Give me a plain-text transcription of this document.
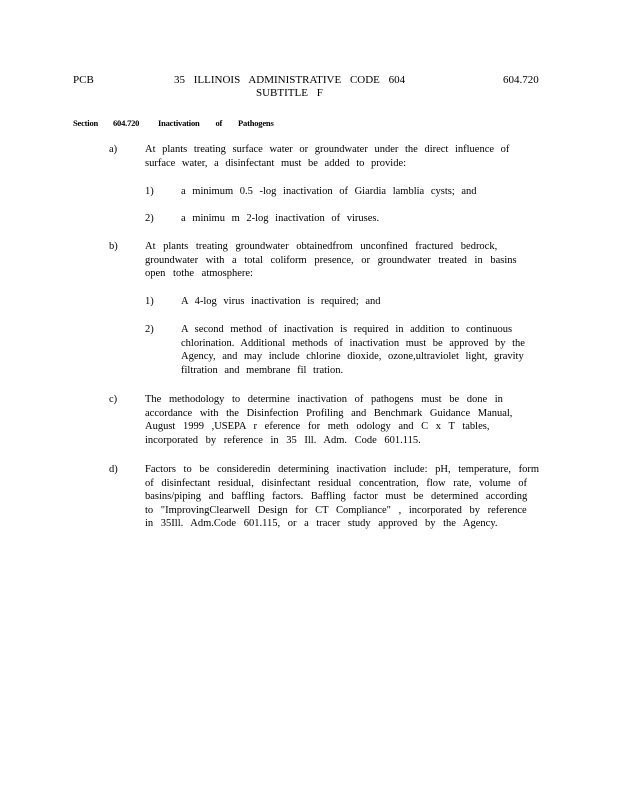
PCB	35 ILLINOIS ADMINISTRATIVE CODE 604
SUBTITLE F
604.720
Section 604.720 Inactivation of Pathogens
a)	At plants treating surface water or groundwater under the direct influence of surface water, a disinfectant must be added to provide:
1)	a minimum 0.5 -log inactivation of Giardia lamblia cysts; and
2)	a minimu m 2-log inactivation of viruses.
b)	At plants treating groundwater obtainedfrom unconfined fractured bedrock, groundwater with a total coliform presence, or groundwater treated in basins open tothe atmosphere:
1)	A 4-log virus inactivation is required; and
2)	A second method of inactivation is required in addition to continuous chlorination. Additional methods of inactivation must be approved by the Agency, and may include chlorine dioxide, ozone,ultraviolet light, gravity filtration and membrane fil tration.
c)	The methodology to determine inactivation of pathogens must be done in accordance with the Disinfection Profiling and Benchmark Guidance Manual, August 1999 ,USEPA r eference for meth odology and C x T tables, incorporated by reference in 35 Ill. Adm. Code 601.115.
d)	Factors to be consideredin determining inactivation include: pH, temperature, form of disinfectant residual, disinfectant residual concentration, flow rate, volume of basins/piping and baffling factors. Baffling factor must be determined according to "ImprovingClearwell Design for CT Compliance" , incorporated by reference in 35Ill. Adm.Code 601.115, or a tracer study approved by the Agency.
